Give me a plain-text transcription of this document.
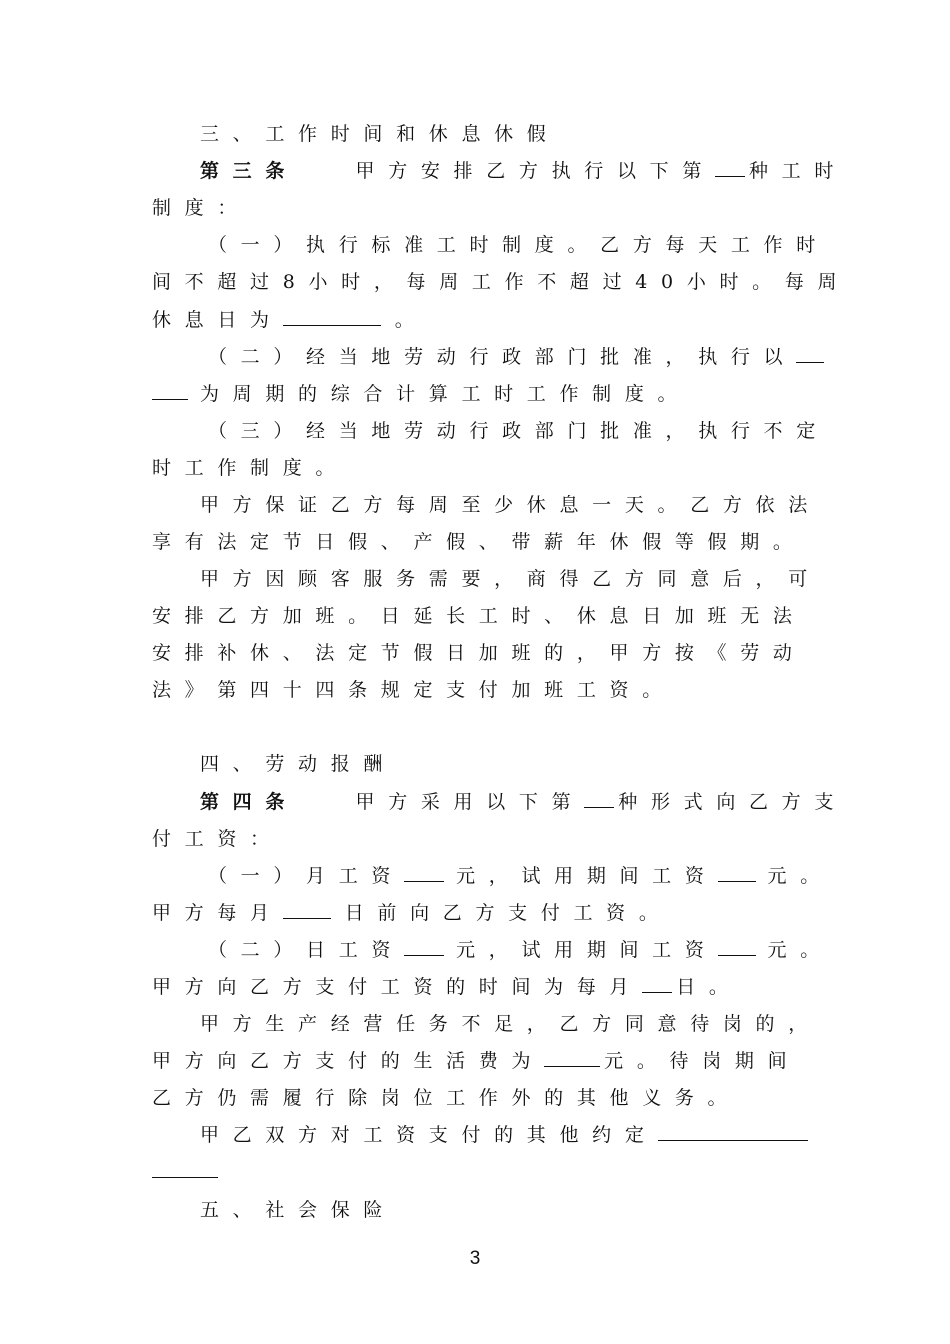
三、工作时间和休息休假
第三条	甲方安排乙方执行以下第 种工时
制度：
（一）执行标准工时制度。乙方每天工作时
间不超过8小时，每周工作不超过40小时。每周
休息日为	。
（二）经当地劳动行政部门批准，执行以
为周期的综合计算工时工作制度。
（三）经当地劳动行政部门批准，执行不定
时工作制度。
甲方保证乙方每周至少休息一天。乙方依法
享有法定节日假、产假、带薪年休假等假期。
甲方因顾客服务需要，商得乙方同意后，可
安排乙方加班。日延长工时、休息日加班无法
安排补休、法定节假日加班的，甲方按《劳动
法》第四十四条规定支付加班工资。
四、劳动报酬
第四条	甲方采用以下第 种形式向乙方支
付工资：
（一）月工资	元，试用期间工资	元。
甲方每月	日前向乙方支付工资。
（二）日工资	元，试用期间工资	元。
甲方向乙方支付工资的时间为每月 日。
甲方生产经营任务不足，乙方同意待岗的，
甲方向乙方支付的生活费为	元。待岗期间
乙方仍需履行除岗位工作外的其他义务。
甲乙双方对工资支付的其他约定
五、社会保险
3
